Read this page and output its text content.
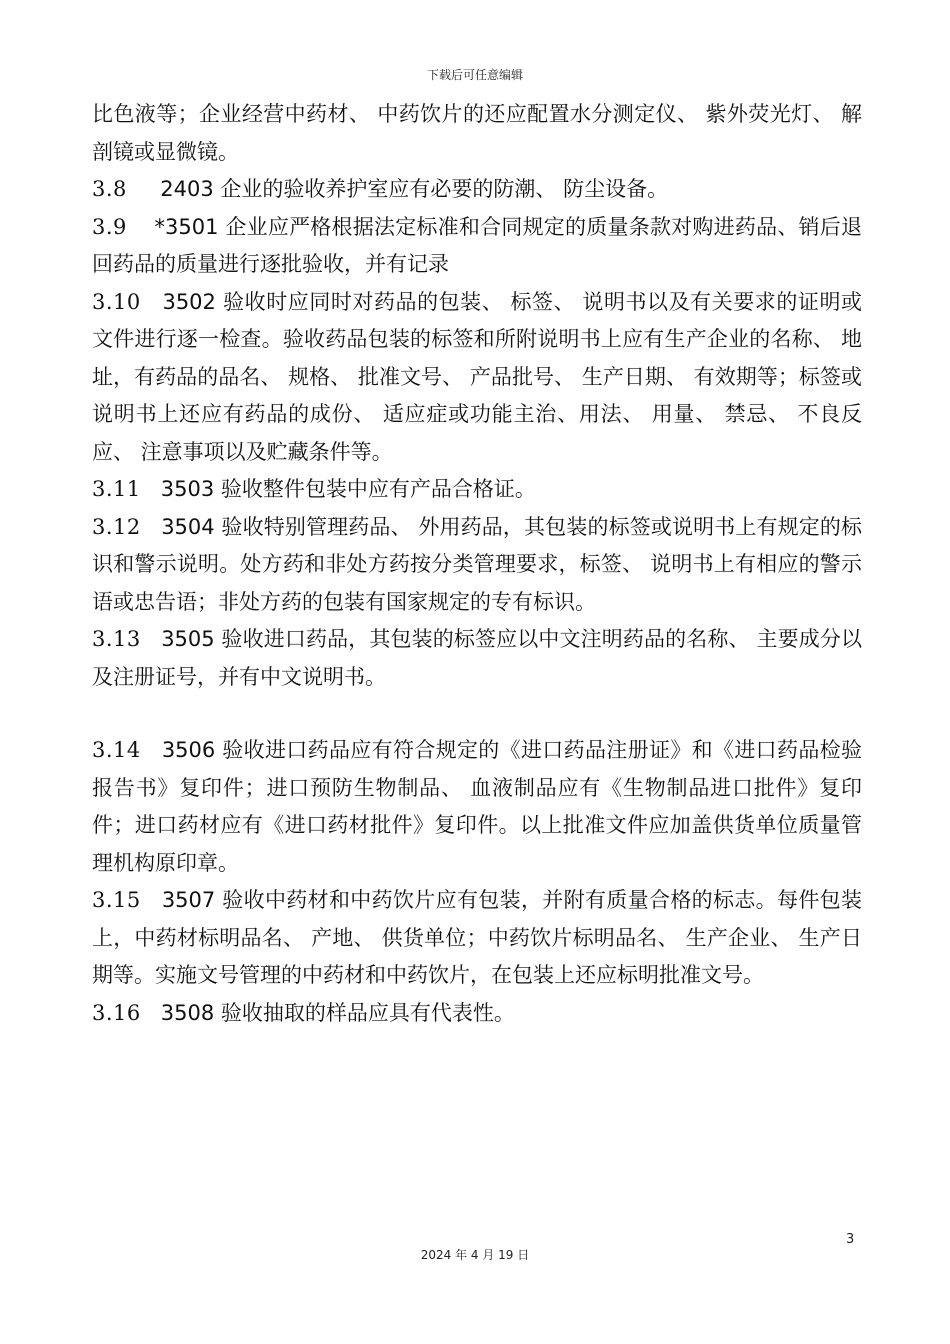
下载后可任意编辑

比色液等；企业经营中药材、 中药饮片的还应配置水分测定仪、 紫外荧光灯、 解剖镜或显微镜。

3.8 2403 企业的验收养护室应有必要的防潮、 防尘设备。

3.9 *3501 企业应严格根据法定标准和合同规定的质量条款对购进药品、销后退回药品的质量进行逐批验收，并有记录

3.10 3502 验收时应同时对药品的包装、 标签、 说明书以及有关要求的证明或文件进行逐一检查。验收药品包装的标签和所附说明书上应有生产企业的名称、 地址，有药品的品名、 规格、 批准文号、 产品批号、 生产日期、 有效期等；标签或说明书上还应有药品的成份、 适应症或功能主治、用法、 用量、 禁忌、 不良反应、 注意事项以及贮藏条件等。

3.11 3503 验收整件包装中应有产品合格证。

3.12 3504 验收特别管理药品、 外用药品，其包装的标签或说明书上有规定的标识和警示说明。处方药和非处方药按分类管理要求，标签、 说明书上有相应的警示语或忠告语；非处方药的包装有国家规定的专有标识。

3.13 3505 验收进口药品，其包装的标签应以中文注明药品的名称、 主要成分以及注册证号，并有中文说明书。

3.14 3506 验收进口药品应有符合规定的《进口药品注册证》和《进口药品检验报告书》复印件；进口预防生物制品、 血液制品应有《生物制品进口批件》复印件；进口药材应有《进口药材批件》复印件。以上批准文件应加盖供货单位质量管理机构原印章。

3.15 3507 验收中药材和中药饮片应有包装，并附有质量合格的标志。每件包装上，中药材标明品名、 产地、 供货单位；中药饮片标明品名、 生产企业、 生产日期等。实施文号管理的中药材和中药饮片，在包装上还应标明批准文号。

3.16 3508 验收抽取的样品应具有代表性。

3
2024 年 4 月 19 日
